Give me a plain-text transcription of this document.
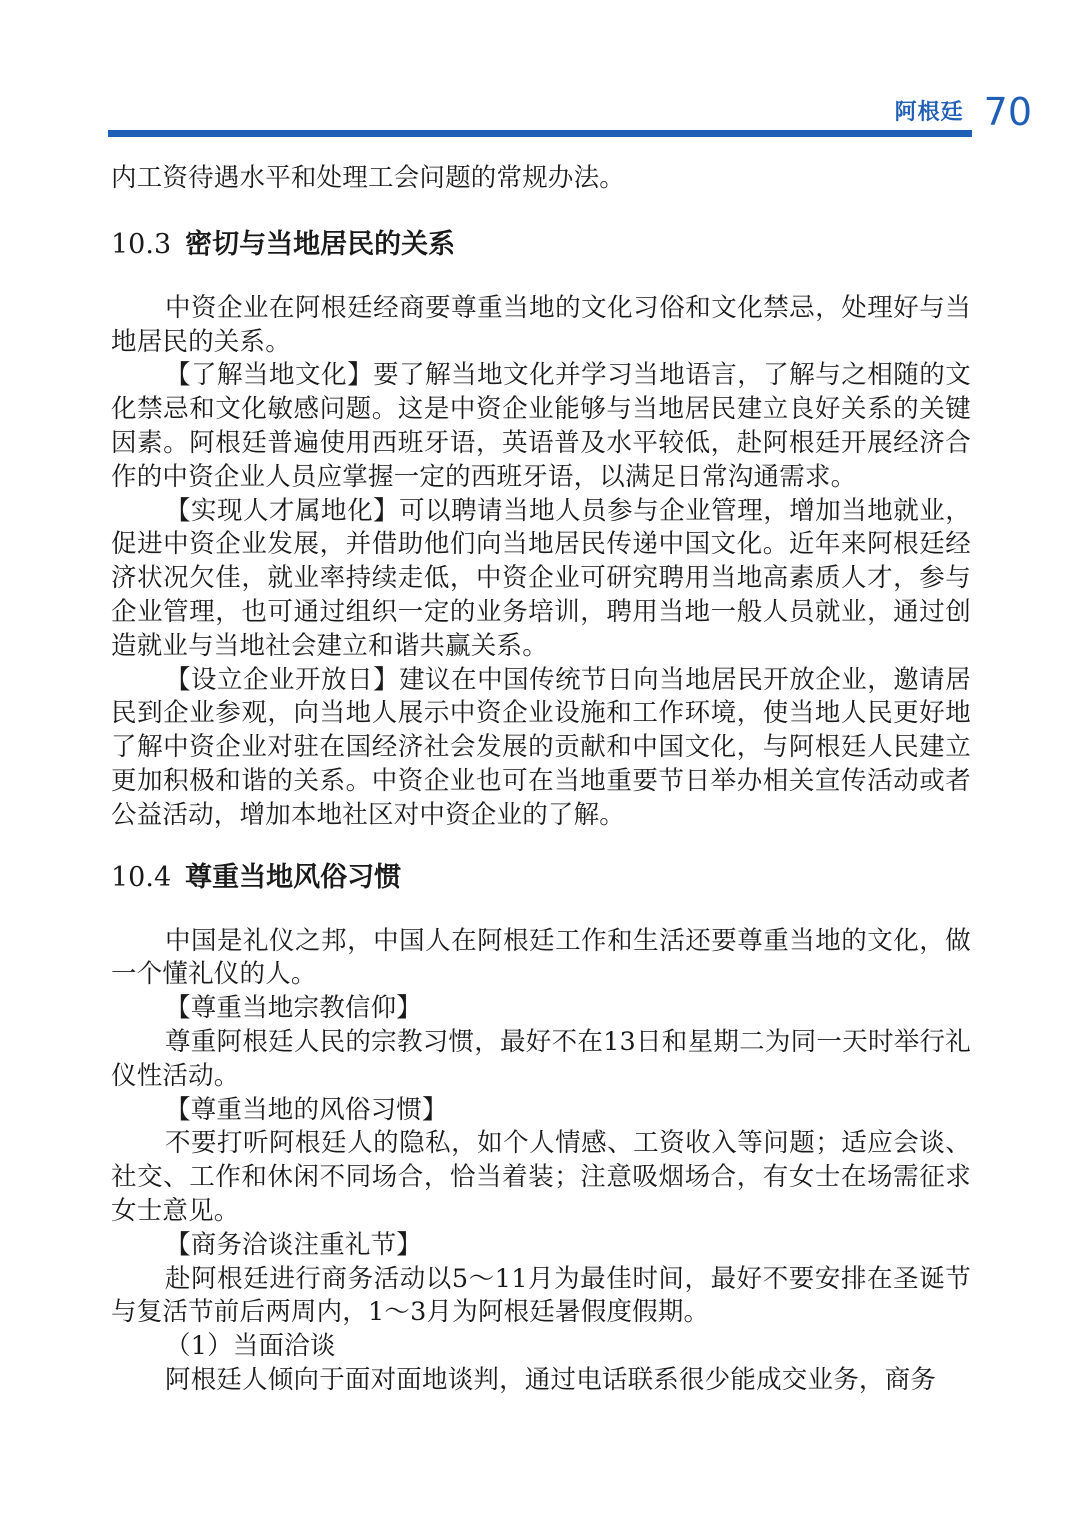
阿根廷 70

内工资待遇水平和处理工会问题的常规办法。

10.3 密切与当地居民的关系

中资企业在阿根廷经商要尊重当地的文化习俗和文化禁忌，处理好与当地居民的关系。

【了解当地文化】要了解当地文化并学习当地语言，了解与之相随的文化禁忌和文化敏感问题。这是中资企业能够与当地居民建立良好关系的关键因素。阿根廷普遍使用西班牙语，英语普及水平较低，赴阿根廷开展经济合作的中资企业人员应掌握一定的西班牙语，以满足日常沟通需求。

【实现人才属地化】可以聘请当地人员参与企业管理，增加当地就业，促进中资企业发展，并借助他们向当地居民传递中国文化。近年来阿根廷经济状况欠佳，就业率持续走低，中资企业可研究聘用当地高素质人才，参与企业管理，也可通过组织一定的业务培训，聘用当地一般人员就业，通过创造就业与当地社会建立和谐共赢关系。

【设立企业开放日】建议在中国传统节日向当地居民开放企业，邀请居民到企业参观，向当地人展示中资企业设施和工作环境，使当地人民更好地了解中资企业对驻在国经济社会发展的贡献和中国文化，与阿根廷人民建立更加积极和谐的关系。中资企业也可在当地重要节日举办相关宣传活动或者公益活动，增加本地社区对中资企业的了解。

10.4 尊重当地风俗习惯

中国是礼仪之邦，中国人在阿根廷工作和生活还要尊重当地的文化，做一个懂礼仪的人。

【尊重当地宗教信仰】

尊重阿根廷人民的宗教习惯，最好不在13日和星期二为同一天时举行礼仪性活动。

【尊重当地的风俗习惯】

不要打听阿根廷人的隐私，如个人情感、工资收入等问题；适应会谈、社交、工作和休闲不同场合，恰当着装；注意吸烟场合，有女士在场需征求女士意见。

【商务洽谈注重礼节】

赴阿根廷进行商务活动以5～11月为最佳时间，最好不要安排在圣诞节与复活节前后两周内，1～3月为阿根廷暑假度假期。

（1）当面洽谈

阿根廷人倾向于面对面地谈判，通过电话联系很少能成交业务，商务
